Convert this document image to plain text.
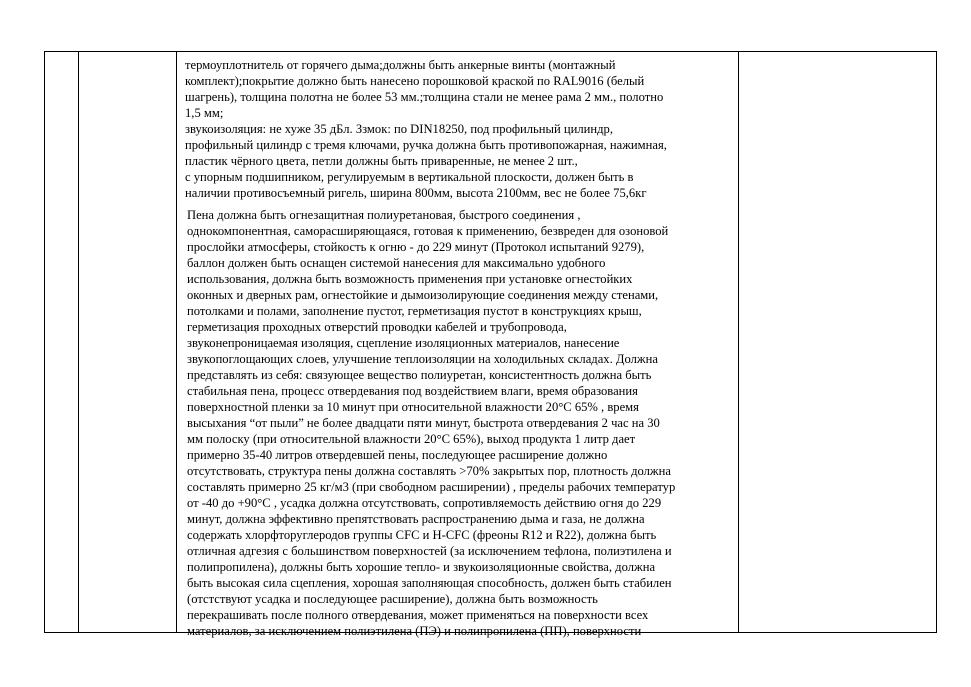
термоуплотнитель от горячего дыма;должны быть анкерные винты (монтажный
комплект);покрытие должно быть нанесено порошковой краской по RAL9016 (белый
шагрень), толщина полотна не более 53 мм.;толщина стали не менее рама 2 мм., полотно
1,5 мм;
звукоизоляция: не хуже 35 дБл. Ззмок: по DIN18250, под профильный цилиндр,
профильный цилиндр с тремя ключами, ручка должна быть противопожарная, нажимная,
пластик чёрного цвета, петли должны быть приваренные, не менее 2 шт.,
с упорным подшипником, регулируемым в вертикальной плоскости, должен быть в
наличии противосъемный ригель, ширина 800мм, высота 2100мм, вес не более 75,6кг
Пена должна быть огнезащитная полиуретановая, быстрого соединения ,
однокомпонентная, саморасширяющаяся, готовая к применению, безвреден для озоновой
прослойки атмосферы, стойкость к огню - до 229 минут (Протокол испытаний 9279),
баллон должен быть оснащен системой нанесения для максимально удобного
использования, должна быть возможность применения при установке огнестойких
оконных и дверных рам, огнестойкие и дымоизолирующие соединения между стенами,
потолками и полами, заполнение пустот, герметизация пустот в конструкциях крыш,
герметизация проходных отверстий проводки кабелей и трубопровода,
звуконепроницаемая изоляция, сцепление изоляционных материалов, нанесение
звукопоглощающих слоев, улучшение теплоизоляции на холодильных складах. Должна
представлять из себя: связующее вещество полиуретан, консистентность должна быть
стабильная пена, процесс отвердевания под воздействием влаги, время образования
поверхностной пленки за 10 минут при относительной влажности 20°С 65% , время
высыхания “от пыли” не более двадцати пяти минут, быстрота отвердевания 2 час на 30
мм полоску (при относительной влажности 20°С 65%), выход продукта 1 литр дает
примерно 35-40 литров отвердевшей пены, последующее расширение должно
отсутствовать, структура пены должна составлять >70% закрытых пор, плотность должна
составлять примерно 25 кг/м3 (при свободном расширении) , пределы рабочих температур
от -40 до +90°С , усадка должна отсутствовать, сопротивляемость действию огня до 229
минут, должна эффективно препятствовать распространению дыма и газа, не должна
содержать хлорфторуглеродов группы CFC и H-CFC (фреоны R12 и R22), должна быть
отличная адгезия с большинством поверхностей (за исключением тефлона, полиэтилена и
полипропилена), должны быть хорошие тепло- и звукоизоляционные свойства, должна
быть высокая сила сцепления, хорошая заполняющая способность, должен быть стабилен
(отстствуют усадка и последующее расширение), должна быть возможность
перекрашивать после полного отвердевания, может применяться на поверхности всех
материалов, за исключением полиэтилена (ПЭ) и полипропилена (ПП), поверхности
